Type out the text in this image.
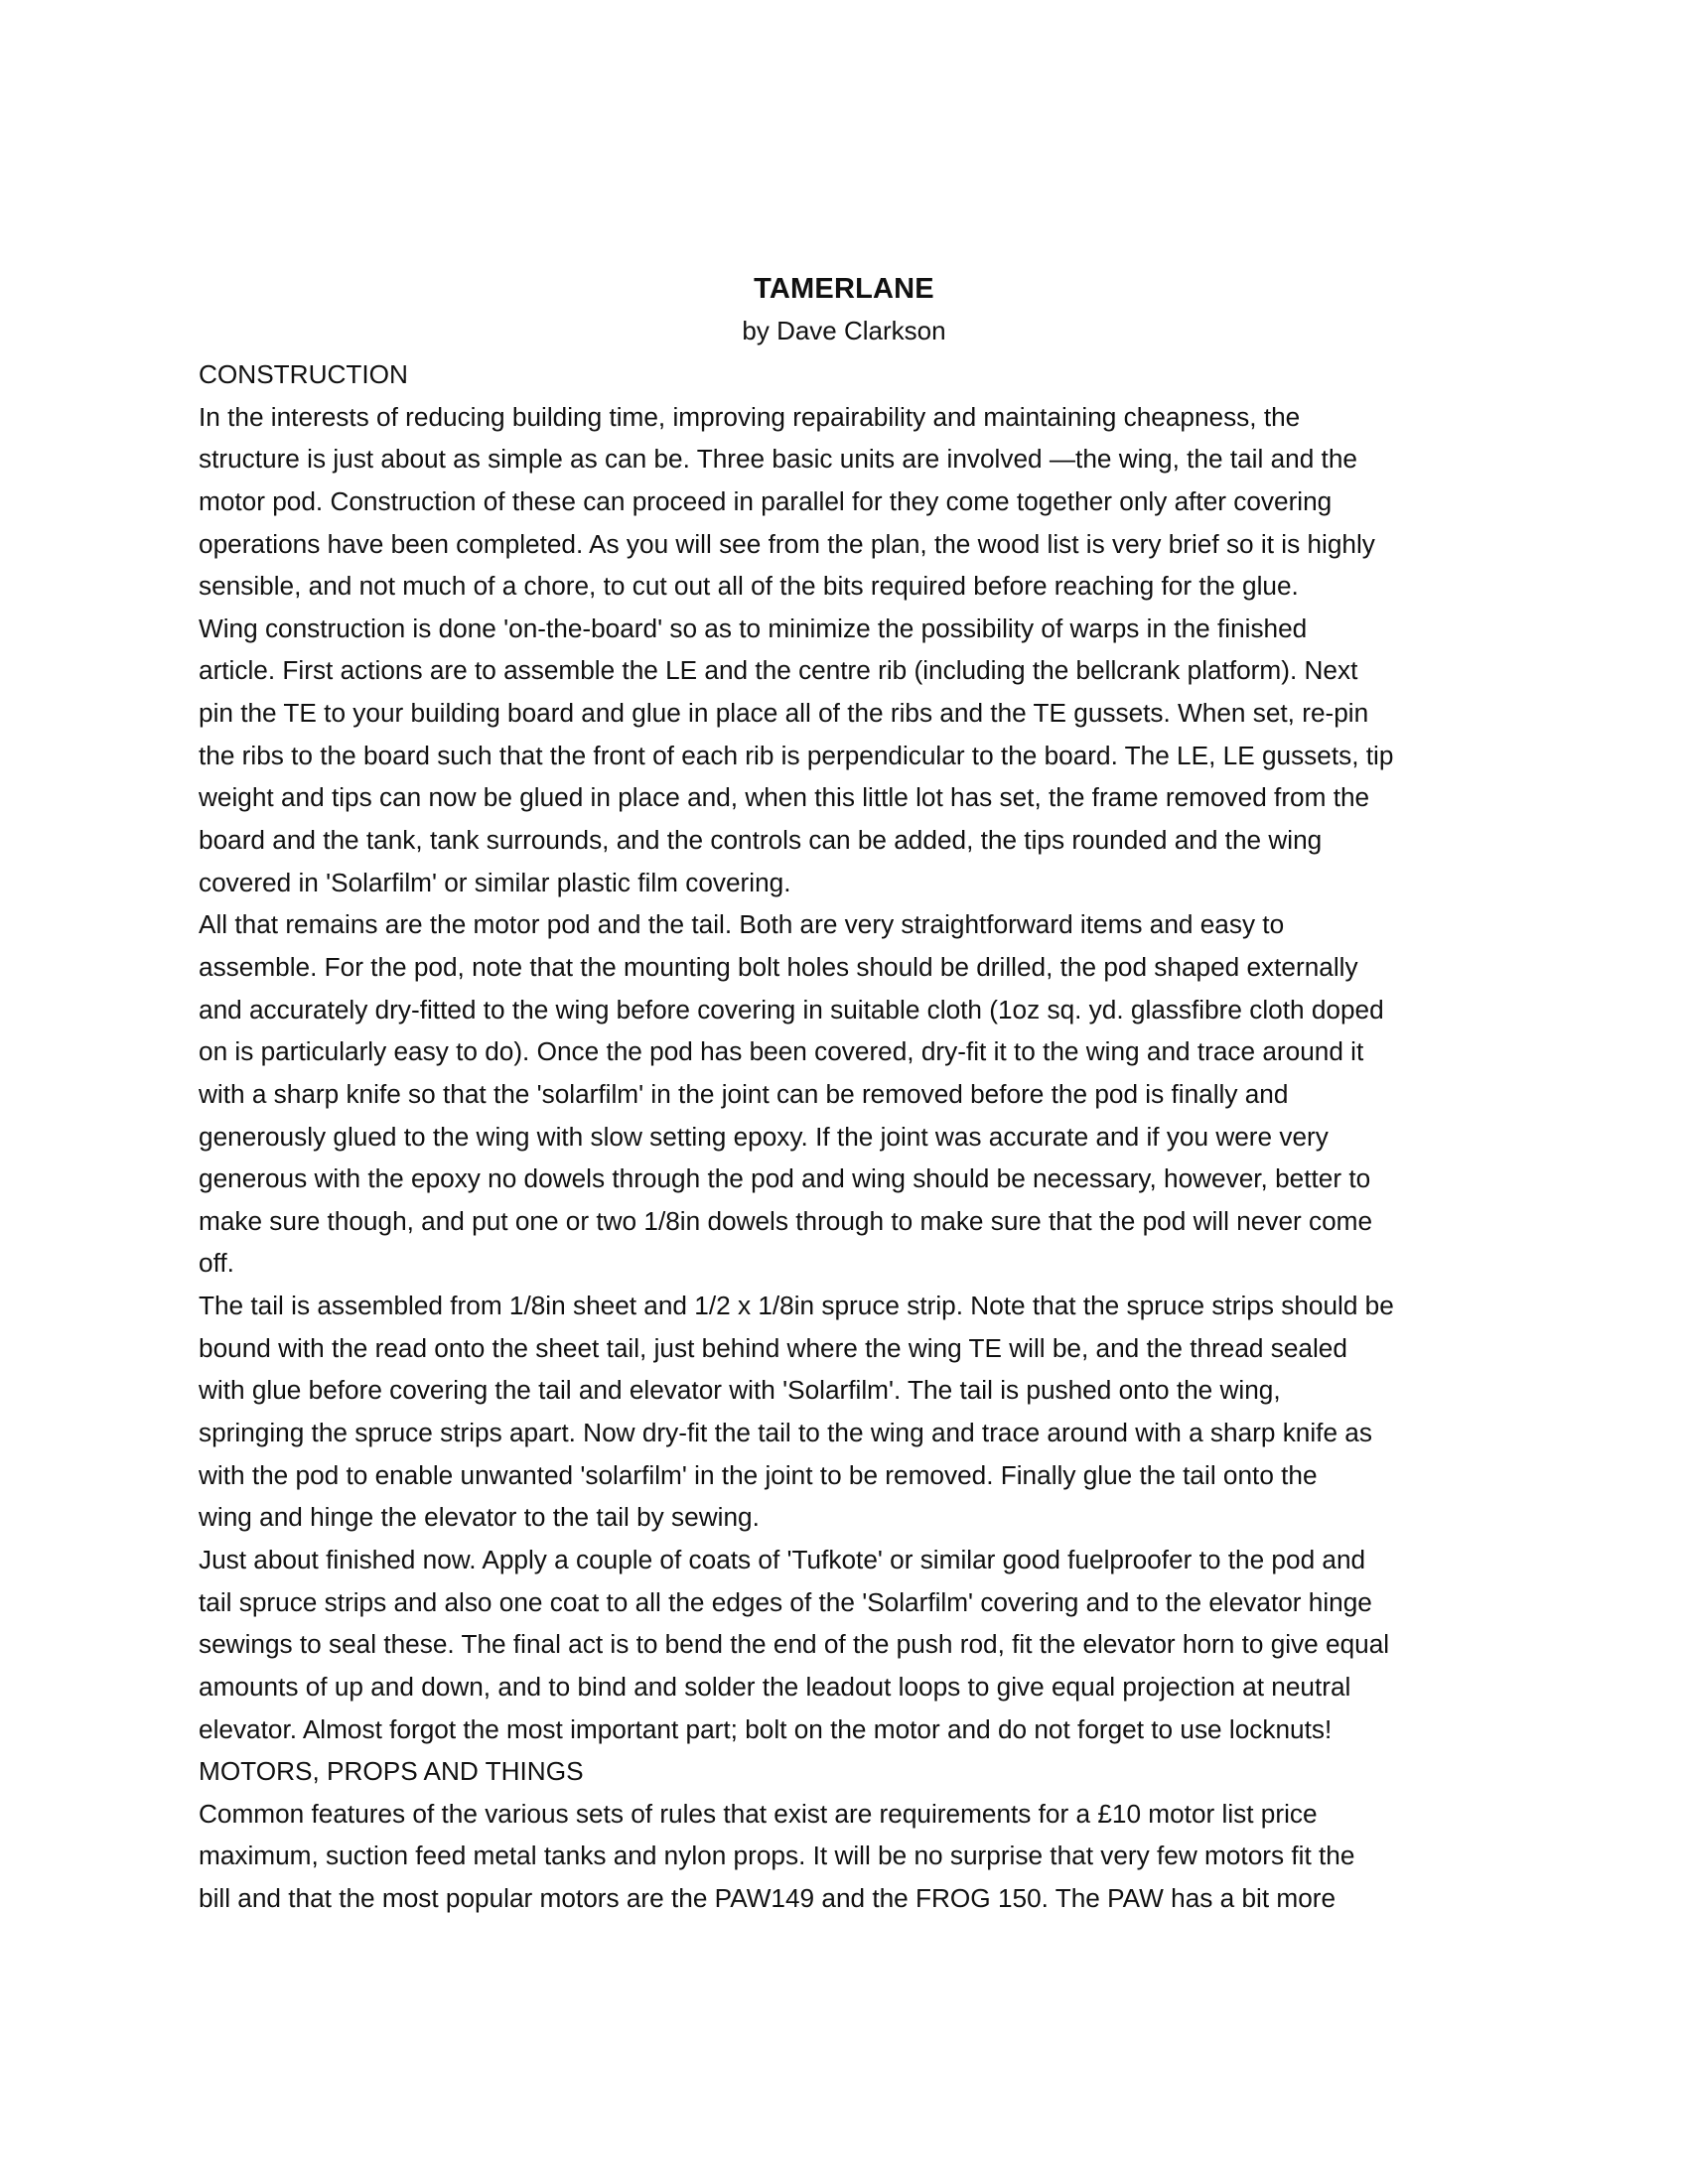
TAMERLANE
by Dave Clarkson
CONSTRUCTION
In the interests of reducing building time, improving repairability and maintaining cheapness, the
structure is just about as simple as can be. Three basic units are involved —the wing, the tail and the
motor pod. Construction of these can proceed in parallel for they come together only after covering
operations have been completed. As you will see from the plan, the wood list is very brief so it is highly
sensible, and not much of a chore, to cut out all of the bits required before reaching for the glue.
Wing construction is done 'on-the-board' so as to minimize the possibility of warps in the finished
article. First actions are to assemble the LE and the centre rib (including the bellcrank platform). Next
pin the TE to your building board and glue in place all of the ribs and the TE gussets. When set, re-pin
the ribs to the board such that the front of each rib is perpendicular to the board. The LE, LE gussets, tip
weight and tips can now be glued in place and, when this little lot has set, the frame removed from the
board and the tank, tank surrounds, and the controls can be added, the tips rounded and the wing
covered in 'Solarfilm' or similar plastic film covering.
All that remains are the motor pod and the tail. Both are very straightforward items and easy to
assemble. For the pod, note that the mounting bolt holes should be drilled, the pod shaped externally
and accurately dry-fitted to the wing before covering in suitable cloth (1oz sq. yd. glassfibre cloth doped
on is particularly easy to do). Once the pod has been covered, dry-fit it to the wing and trace around it
with a sharp knife so that the 'solarfilm' in the joint can be removed before the pod is finally and
generously glued to the wing with slow setting epoxy. If the joint was accurate and if you were very
generous with the epoxy no dowels through the pod and wing should be necessary, however, better to
make sure though, and put one or two 1/8in dowels through to make sure that the pod will never come
off.
The tail is assembled from 1/8in sheet and 1/2 x 1/8in spruce strip. Note that the spruce strips should be
bound with the read onto the sheet tail, just behind where the wing TE will be, and the thread sealed
with glue before covering the tail and elevator with 'Solarfilm'. The tail is pushed onto the wing,
springing the spruce strips apart. Now dry-fit the tail to the wing and trace around with a sharp knife as
with the pod to enable unwanted 'solarfilm' in the joint to be removed. Finally glue the tail onto the
wing and hinge the elevator to the tail by sewing.
Just about finished now. Apply a couple of coats of 'Tufkote' or similar good fuelproofer to the pod and
tail spruce strips and also one coat to all the edges of the 'Solarfilm' covering and to the elevator hinge
sewings to seal these. The final act is to bend the end of the push rod, fit the elevator horn to give equal
amounts of up and down, and to bind and solder the leadout loops to give equal projection at neutral
elevator. Almost forgot the most important part; bolt on the motor and do not forget to use locknuts!
MOTORS, PROPS AND THINGS
Common features of the various sets of rules that exist are requirements for a £10 motor list price
maximum, suction feed metal tanks and nylon props. It will be no surprise that very few motors fit the
bill and that the most popular motors are the PAW149 and the FROG 150. The PAW has a bit more
